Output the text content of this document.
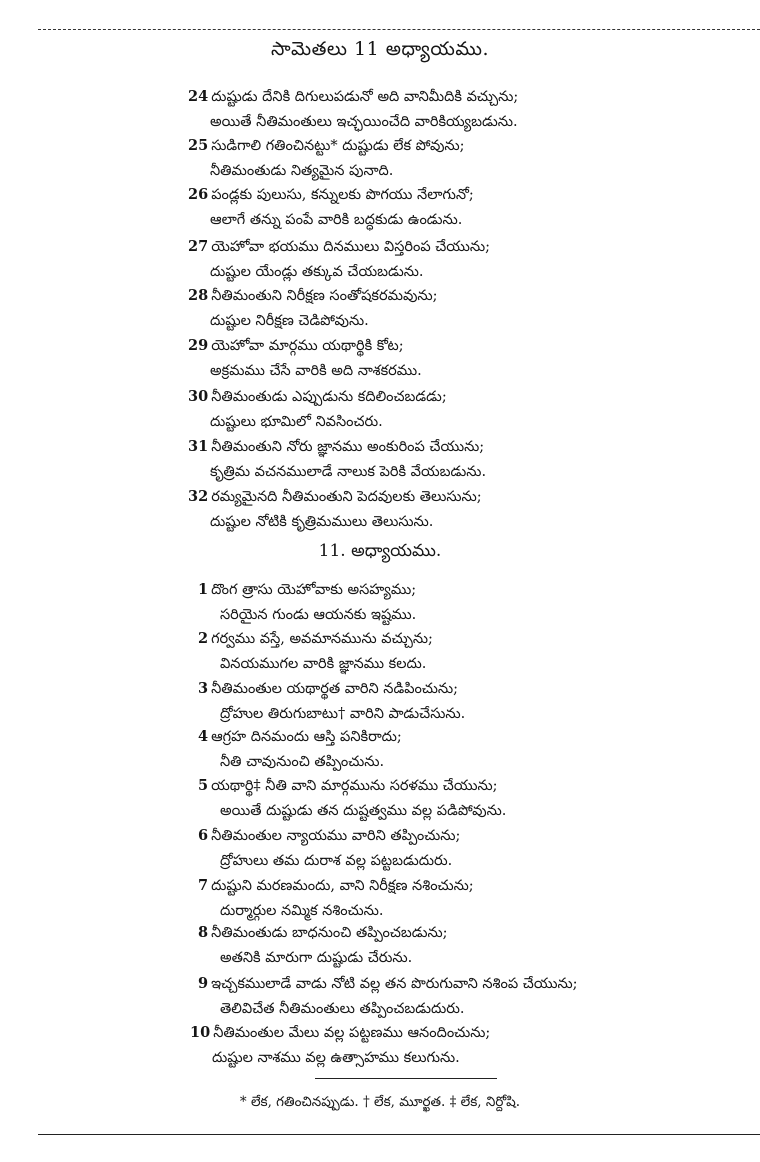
సామెతలు 11 అధ్యాయము.
24 దుష్టుడు దేనికి దిగులుపడునో అది వానిమీదికి వచ్చును;
అయితే నీతిమంతులు ఇచ్ఛయించేది వారికియ్యబడును.
25 సుడిగాలి గతించినట్టు* దుష్టుడు లేక పోవును;
నీతిమంతుడు నిత్యమైన పునాది.
26 పండ్లకు పులుసు, కన్నులకు పొగయు నేలాగునో;
ఆలాగే తన్ను పంపే వారికి బద్ధకుడు ఉండును.
27 యెహోవా భయము దినములు విస్తరింప చేయును;
దుష్టుల యేండ్లు తక్కువ చేయబడును.
28 నీతిమంతుని నిరీక్షణ సంతోషకరమవును;
దుష్టుల నిరీక్షణ చెడిపోవును.
29 యెహోవా మార్గము యథార్థికి కోట;
అక్రమము చేసే వారికి అది నాశకరము.
30 నీతిమంతుడు ఎప్పుడును కదిలించబడడు;
దుష్టులు భూమిలో నివసించరు.
31 నీతిమంతుని నోరు జ్ఞానము అంకురింప చేయును;
కృత్రిమ వచనములాడే నాలుక పెరికి వేయబడును.
32 రమ్యమైనది నీతిమంతుని పెదవులకు తెలుసును;
దుష్టుల నోటికి కృత్రిమములు తెలుసును.
11. అధ్యాయము.
1 దొంగ త్రాసు యెహోవాకు అసహ్యము;
సరియైన గుండు ఆయనకు ఇష్టము.
2 గర్వము వస్తే, అవమానమును వచ్చును;
వినయముగల వారికి జ్ఞానము కలదు.
3 నీతిమంతుల యథార్థత వారిని నడిపించును;
ద్రోహుల తిరుగుబాటు† వారిని పాడుచేసును.
4 ఆగ్రహ దినమందు ఆస్తి పనికిరాదు;
నీతి చావునుంచి తప్పించును.
5 యథార్థి‡ నీతి వాని మార్గమును సరళము చేయును;
అయితే దుష్టుడు తన దుష్టత్వము వల్ల పడిపోవును.
6 నీతిమంతుల న్యాయము వారిని తప్పించును;
ద్రోహులు తమ దురాశ వల్ల పట్టబడుదురు.
7 దుష్టుని మరణమందు, వాని నిరీక్షణ నశించును;
దుర్మార్గుల నమ్మిక నశించును.
8 నీతిమంతుడు బాధనుంచి తప్పించబడును;
అతనికి మారుగా దుష్టుడు చేరును.
9 ఇచ్చకములాడే వాడు నోటి వల్ల తన పొరుగువాని నశింప చేయును;
తెలివిచేత నీతిమంతులు తప్పించబడుదురు.
10 నీతిమంతుల మేలు వల్ల పట్టణము ఆనందించును;
దుష్టుల నాశము వల్ల ఉత్సాహము కలుగును.
* లేక, గతించినప్పుడు. † లేక, మూర్ఖత. ‡ లేక, నిర్దోషి.
